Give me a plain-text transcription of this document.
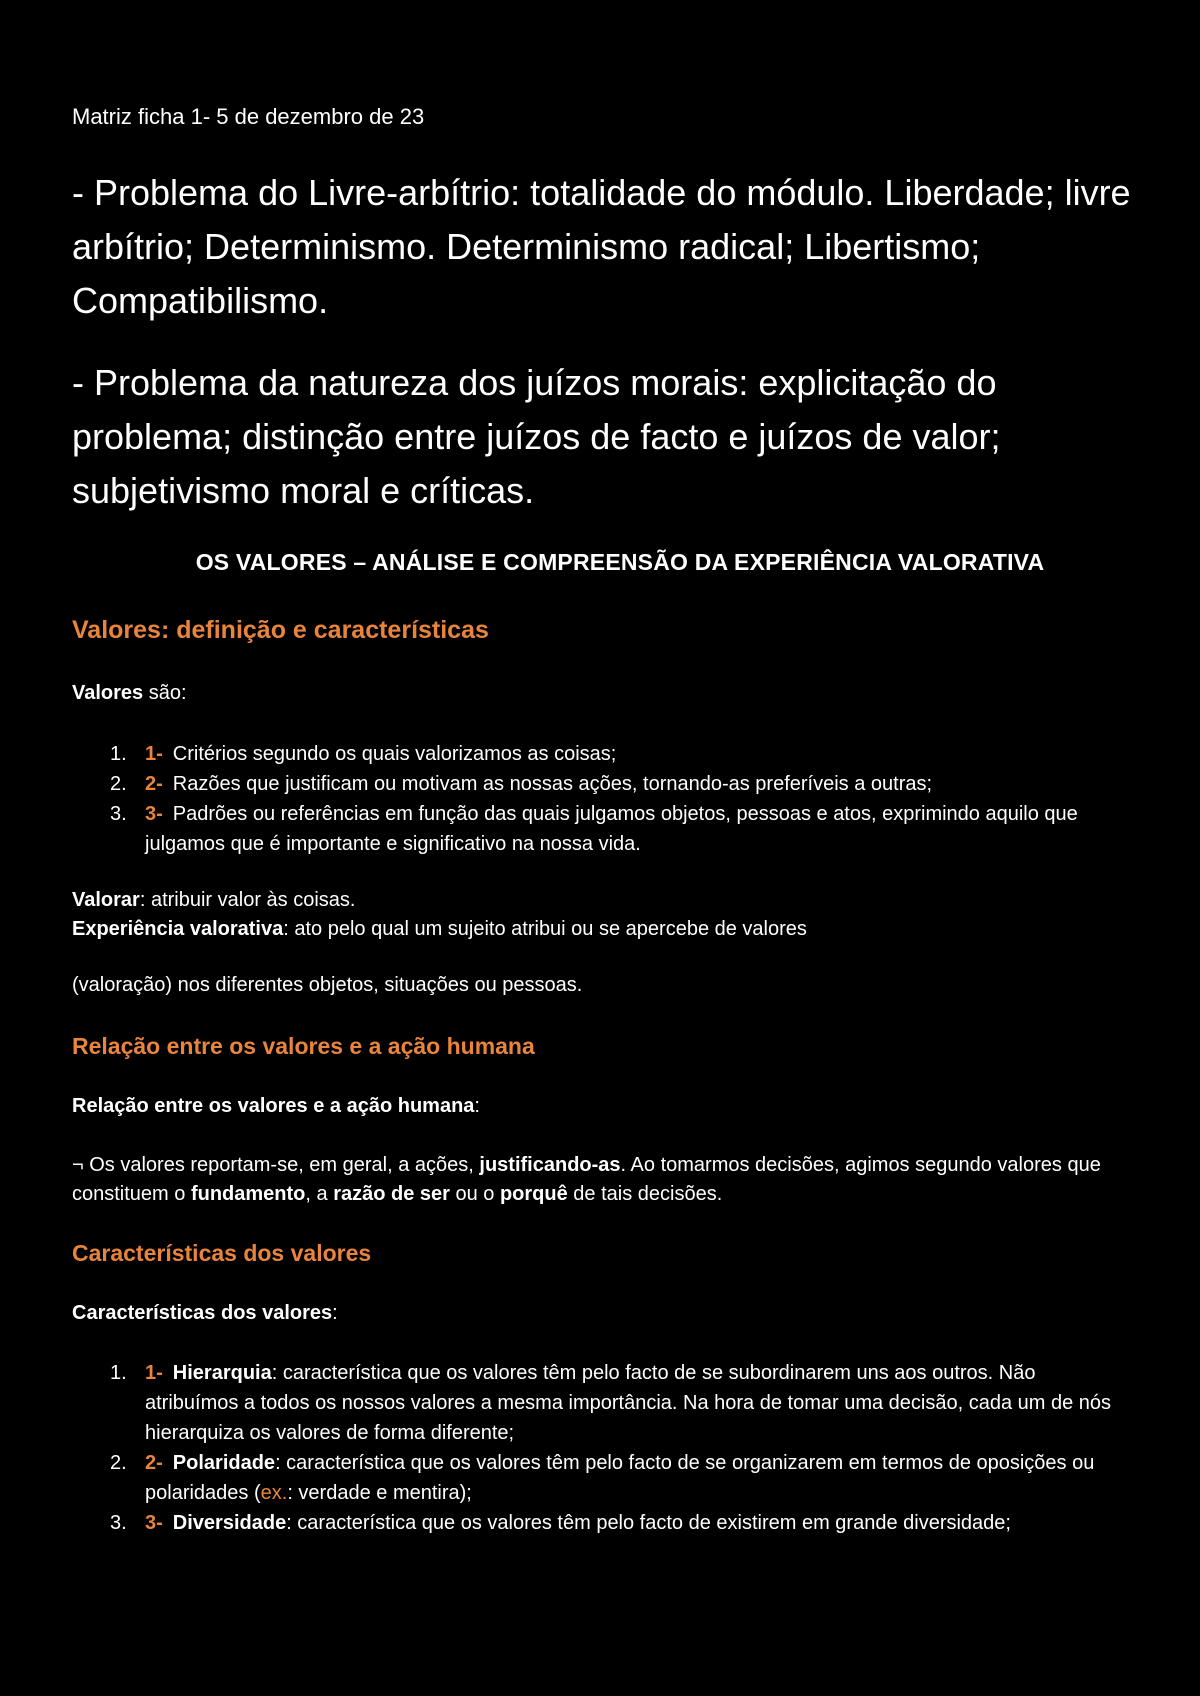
Matriz ficha 1- 5 de dezembro de 23

- Problema do Livre-arbítrio: totalidade do módulo. Liberdade; livre arbítrio; Determinismo. Determinismo radical; Libertismo; Compatibilismo.

- Problema da natureza dos juízos morais: explicitação do problema; distinção entre juízos de facto e juízos de valor; subjetivismo moral e críticas.

OS VALORES – ANÁLISE E COMPREENSÃO DA EXPERIÊNCIA VALORATIVA
Valores: definição e características
Valores são:
1. 1- Critérios segundo os quais valorizamos as coisas;
2. 2- Razões que justificam ou motivam as nossas ações, tornando-as preferíveis a outras;
3. 3- Padrões ou referências em função das quais julgamos objetos, pessoas e atos, exprimindo aquilo que julgamos que é importante e significativo na nossa vida.
Valorar: atribuir valor às coisas.
Experiência valorativa: ato pelo qual um sujeito atribui ou se apercebe de valores
(valoração) nos diferentes objetos, situações ou pessoas.
Relação entre os valores e a ação humana
Relação entre os valores e a ação humana:
¬ Os valores reportam-se, em geral, a ações, justificando-as. Ao tomarmos decisões, agimos segundo valores que constituem o fundamento, a razão de ser ou o porquê de tais decisões.
Características dos valores
Características dos valores:
1. 1- Hierarquia: característica que os valores têm pelo facto de se subordinarem uns aos outros. Não atribuímos a todos os nossos valores a mesma importância. Na hora de tomar uma decisão, cada um de nós hierarquiza os valores de forma diferente;
2. 2- Polaridade: característica que os valores têm pelo facto de se organizarem em termos de oposições ou polaridades (ex.: verdade e mentira);
3. 3- Diversidade: característica que os valores têm pelo facto de existirem em grande diversidade;
